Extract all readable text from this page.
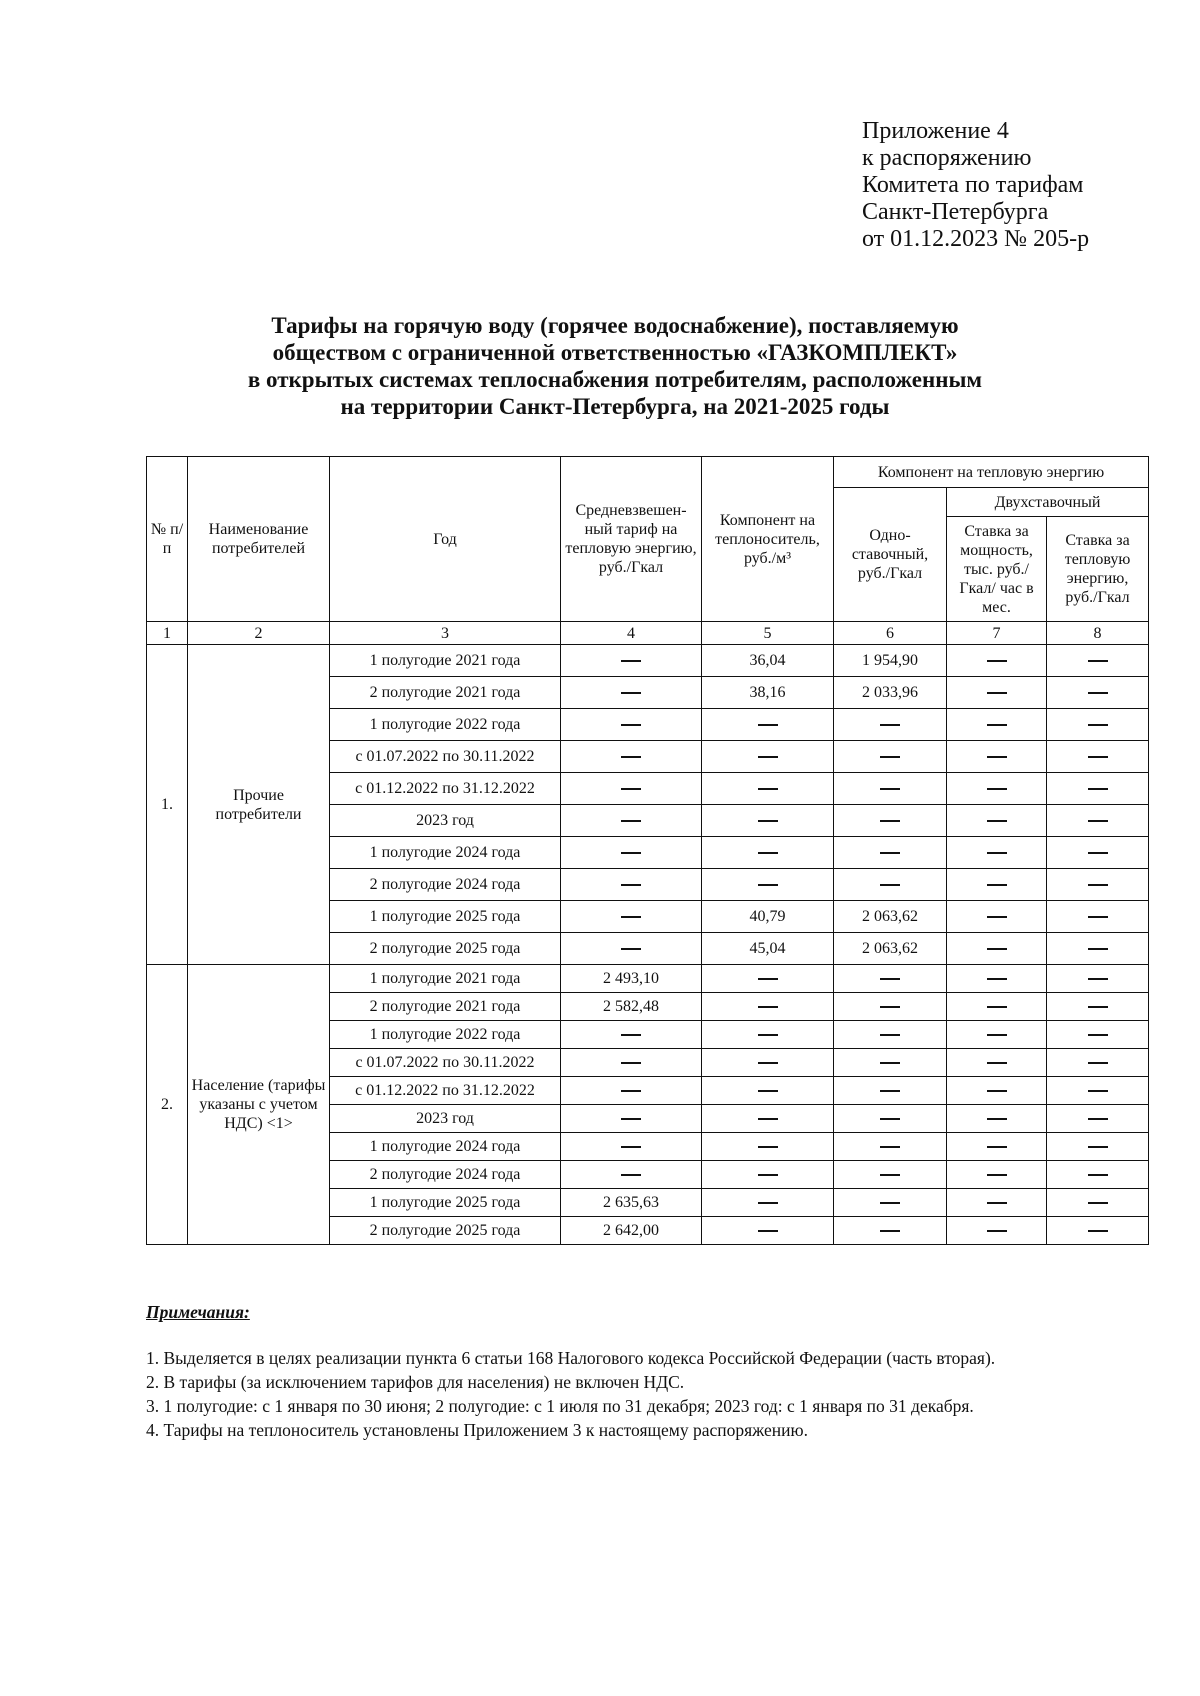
Приложение 4
к распоряжению
Комитета по тарифам
Санкт-Петербурга
от 01.12.2023 № 205-р
Тарифы на горячую воду (горячее водоснабжение), поставляемую
обществом с ограниченной ответственностью «ГАЗКОМПЛЕКТ»
в открытых системах теплоснабжения потребителям, расположенным
на территории Санкт-Петербурга, на 2021-2025 годы
№ п/п	Наименование потребителей	Год	Средневзвешен-ный тариф на тепловую энергию, руб./Гкал	Компонент на теплоноситель, руб./м³	Компонент на тепловую энергию		
					Одно-ставочный, руб./Гкал	Двухставочный	
						Ставка за мощность, тыс. руб./Гкал/ час в мес.	Ставка за тепловую энергию, руб./Гкал
1	2	3	4	5	6	7	8
1.	Прочие потребители	1 полугодие 2021 года		36,04	1 954,90		
		2 полугодие 2021 года		38,16	2 033,96		
		1 полугодие 2022 года					
		с 01.07.2022 по 30.11.2022					
		с 01.12.2022 по 31.12.2022					
		2023 год					
		1 полугодие 2024 года					
		2 полугодие 2024 года					
		1 полугодие 2025 года		40,79	2 063,62		
		2 полугодие 2025 года		45,04	2 063,62		
2.	Население (тарифы указаны с учетом НДС) <1>	1 полугодие 2021 года	2 493,10				
		2 полугодие 2021 года	2 582,48				
		1 полугодие 2022 года					
		с 01.07.2022 по 30.11.2022					
		с 01.12.2022 по 31.12.2022					
		2023 год					
		1 полугодие 2024 года					
		2 полугодие 2024 года					
		1 полугодие 2025 года	2 635,63				
		2 полугодие 2025 года	2 642,00				
Примечания:
1. Выделяется в целях реализации пункта 6 статьи 168 Налогового кодекса Российской Федерации (часть вторая).
2. В тарифы (за исключением тарифов для населения) не включен НДС.
3. 1 полугодие: с 1 января по 30 июня; 2 полугодие: с 1 июля по 31 декабря; 2023 год: с 1 января по 31 декабря.
4. Тарифы на теплоноситель установлены Приложением 3 к настоящему распоряжению.
